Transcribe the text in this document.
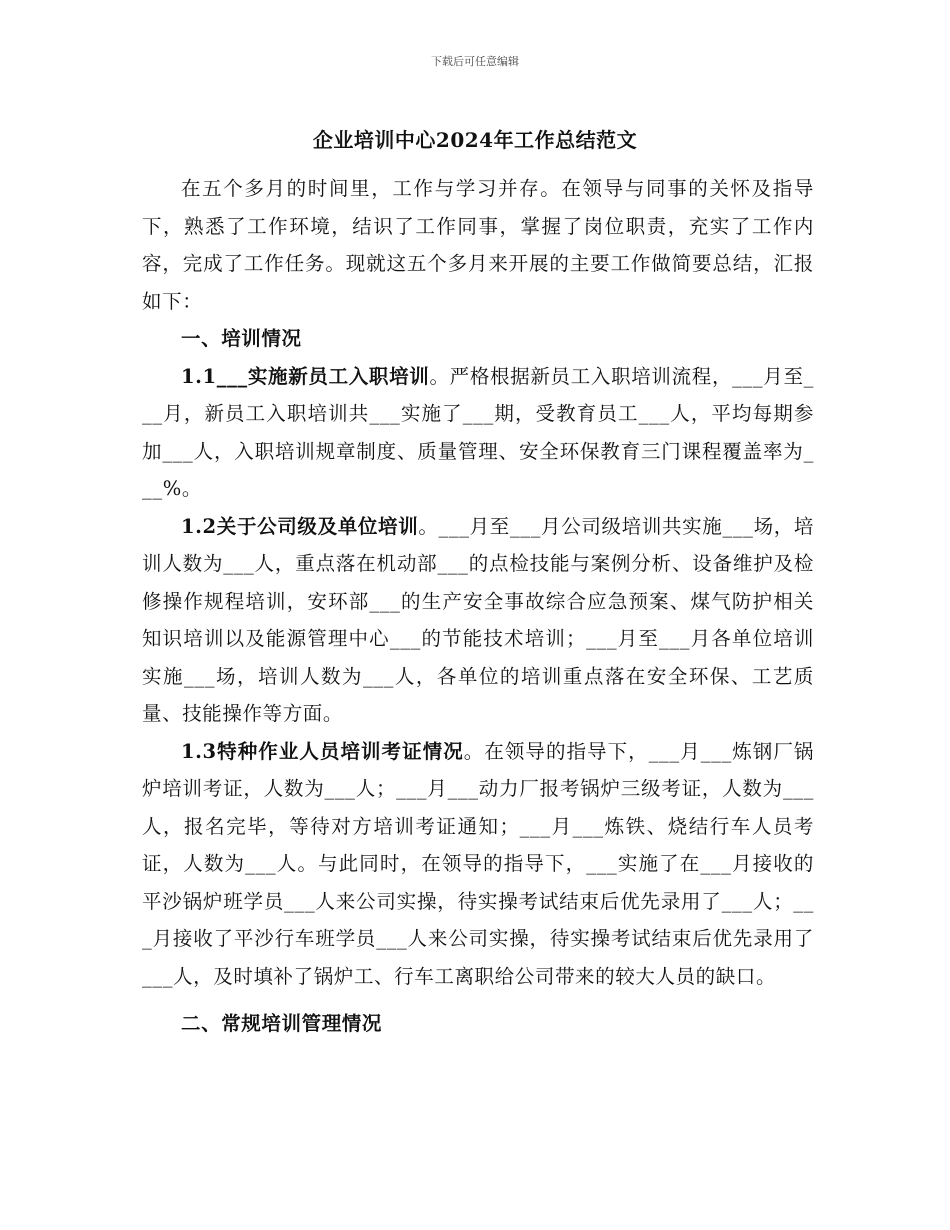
下载后可任意编辑
企业培训中心2024年工作总结范文

在五个多月的时间里，工作与学习并存。在领导与同事的关怀及指导下，熟悉了工作环境，结识了工作同事，掌握了岗位职责，充实了工作内容，完成了工作任务。现就这五个多月来开展的主要工作做简要总结，汇报如下：

一、培训情况

1.1___实施新员工入职培训。严格根据新员工入职培训流程，___月至___月，新员工入职培训共___实施了___期，受教育员工___人，平均每期参加___人，入职培训规章制度、质量管理、安全环保教育三门课程覆盖率为___%。

1.2关于公司级及单位培训。___月至___月公司级培训共实施___场，培训人数为___人，重点落在机动部___的点检技能与案例分析、设备维护及检修操作规程培训，安环部___的生产安全事故综合应急预案、煤气防护相关知识培训以及能源管理中心___的节能技术培训；___月至___月各单位培训实施___场，培训人数为___人，各单位的培训重点落在安全环保、工艺质量、技能操作等方面。

1.3特种作业人员培训考证情况。在领导的指导下，___月___炼钢厂锅炉培训考证，人数为___人；___月___动力厂报考锅炉三级考证，人数为___人，报名完毕，等待对方培训考证通知；___月___炼铁、烧结行车人员考证，人数为___人。与此同时，在领导的指导下，___实施了在___月接收的平沙锅炉班学员___人来公司实操，待实操考试结束后优先录用了___人；___月接收了平沙行车班学员___人来公司实操，待实操考试结束后优先录用了___人，及时填补了锅炉工、行车工离职给公司带来的较大人员的缺口。

二、常规培训管理情况
